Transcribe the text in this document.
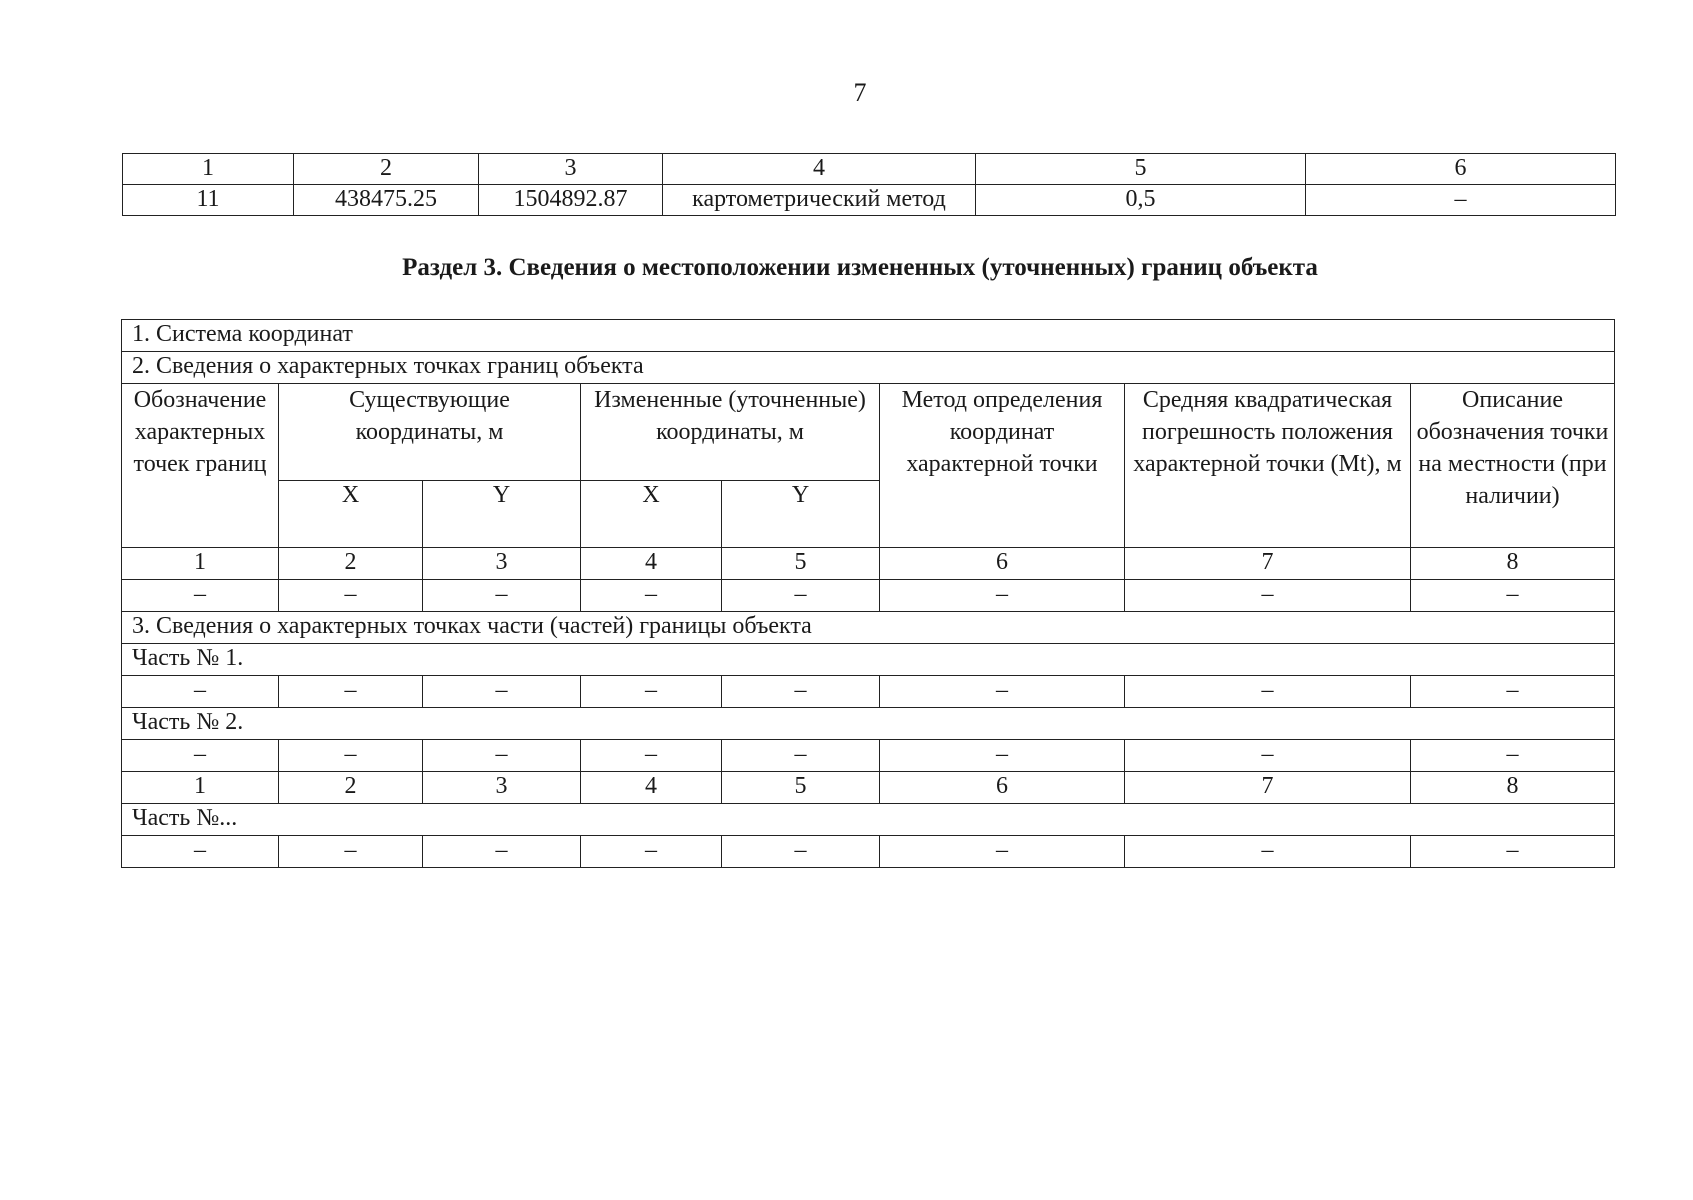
7
1	2	3	4	5	6
11	438475.25	1504892.87	картометрический метод	0,5	–
Раздел 3. Сведения о местоположении измененных (уточненных) границ объекта
1. Система координат							
2. Сведения о характерных точках границ объекта							
Обозначение характерных точек границ	Существующие координаты, м		Измененные (уточненные) координаты, м		Метод определения координат характерной точки	Средняя квадратическая погрешность положения характерной точки (Mt), м	Описание обозначения точки на местности (при наличии)
	X	Y	X	Y			
1	2	3	4	5	6	7	8
–	–	–	–	–	–	–	–
3. Сведения о характерных точках части (частей) границы объекта							
Часть № 1.							
–	–	–	–	–	–	–	–
Часть № 2.							
–	–	–	–	–	–	–	–
1	2	3	4	5	6	7	8
Часть №...							
–	–	–	–	–	–	–	–
